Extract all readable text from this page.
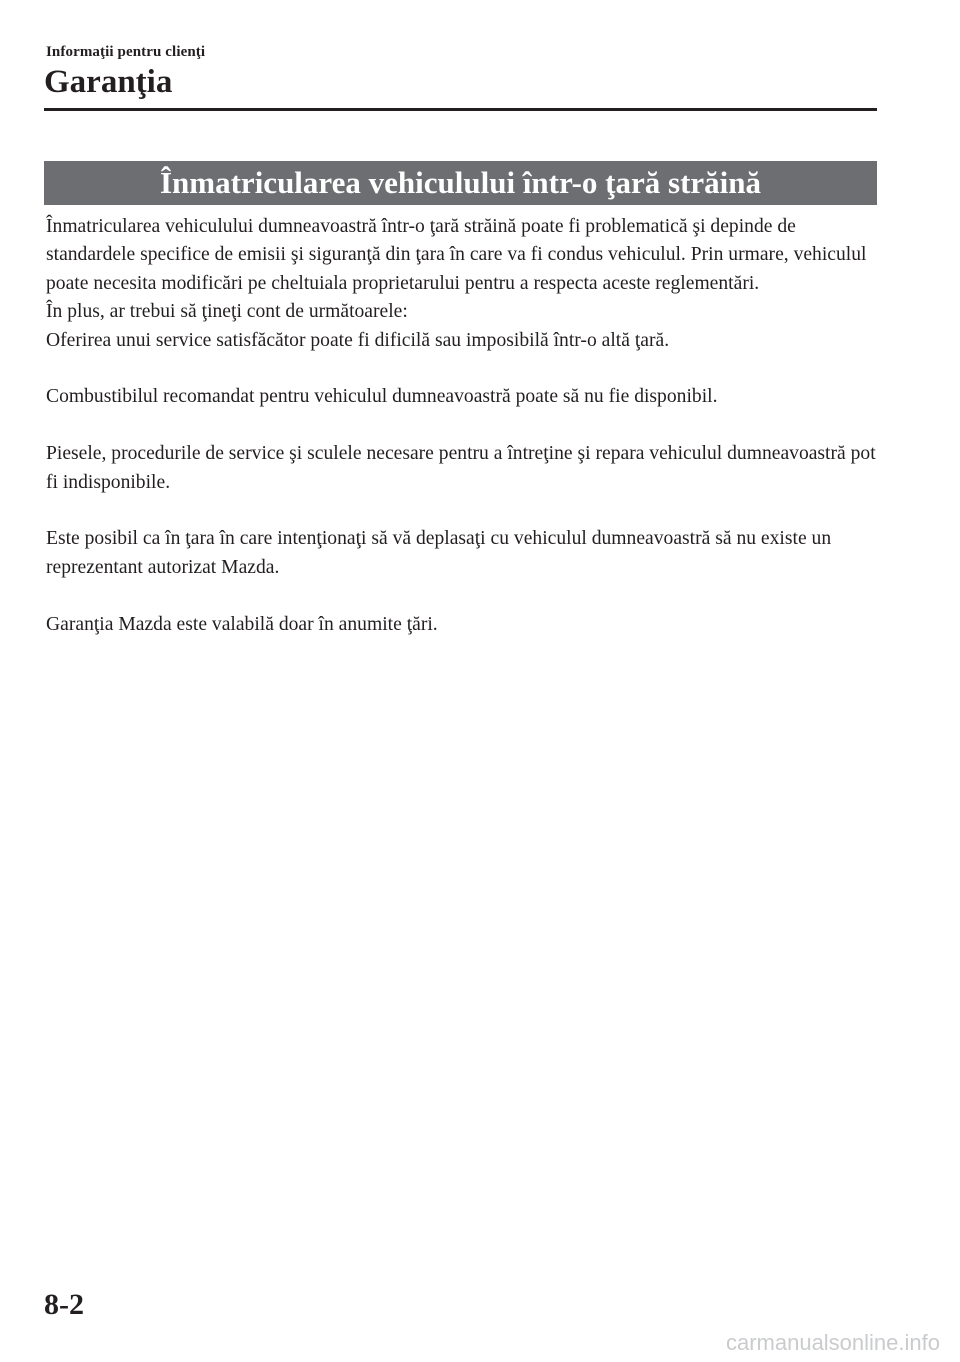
Informaţii pentru clienţi
Garanţia
Înmatricularea vehiculului într-o ţară străină

Înmatricularea vehiculului dumneavoastră într-o ţară străină poate fi problematică şi depinde de standardele specifice de emisii şi siguranţă din ţara în care va fi condus vehiculul. Prin urmare, vehiculul poate necesita modificări pe cheltuiala proprietarului pentru a respecta aceste reglementări.

În plus, ar trebui să ţineţi cont de următoarele:

Oferirea unui service satisfăcător poate fi dificilă sau imposibilă într-o altă ţară.

Combustibilul recomandat pentru vehiculul dumneavoastră poate să nu fie disponibil.

Piesele, procedurile de service şi sculele necesare pentru a întreţine şi repara vehiculul dumneavoastră pot fi indisponibile.

Este posibil ca în ţara în care intenţionaţi să vă deplasaţi cu vehiculul dumneavoastră să nu existe un reprezentant autorizat Mazda.

Garanţia Mazda este valabilă doar în anumite ţări.

8-2
carmanualsonline.info
